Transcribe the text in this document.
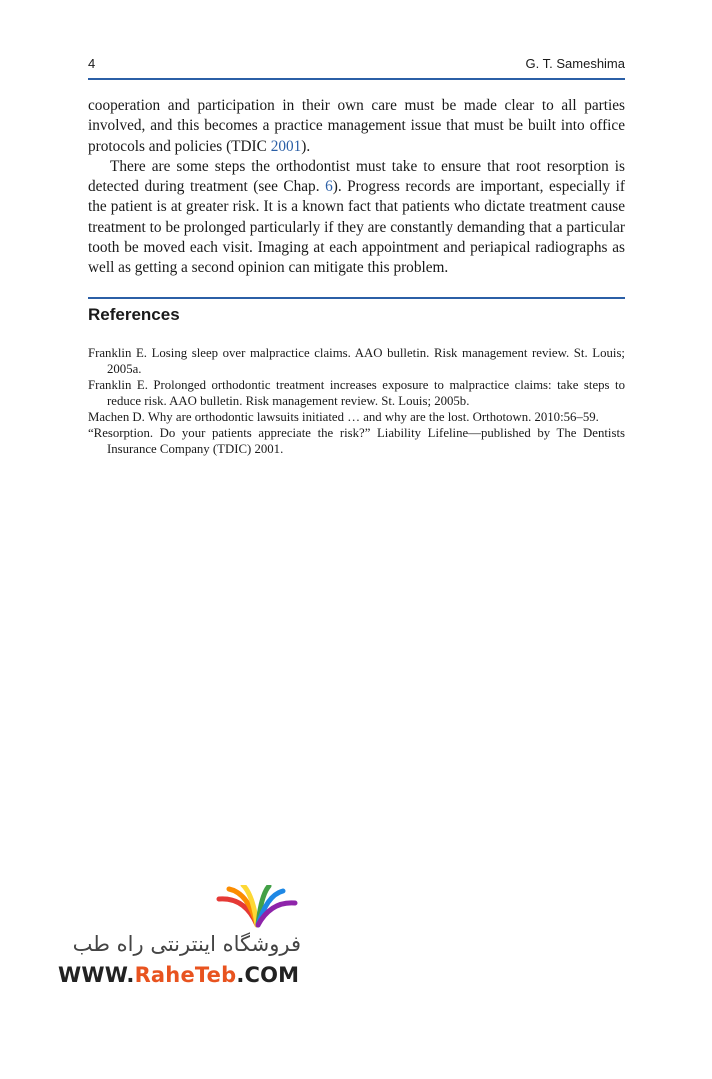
4	G. T. Sameshima

cooperation and participation in their own care must be made clear to all parties involved, and this becomes a practice management issue that must be built into office protocols and policies (TDIC 2001).

There are some steps the orthodontist must take to ensure that root resorption is detected during treatment (see Chap. 6). Progress records are important, especially if the patient is at greater risk. It is a known fact that patients who dictate treatment cause treatment to be prolonged particularly if they are constantly demanding that a particular tooth be moved each visit. Imaging at each appointment and periapical radiographs as well as getting a second opinion can mitigate this problem.

References
Franklin E. Losing sleep over malpractice claims. AAO bulletin. Risk management review. St. Louis; 2005a.
Franklin E. Prolonged orthodontic treatment increases exposure to malpractice claims: take steps to reduce risk. AAO bulletin. Risk management review. St. Louis; 2005b.
Machen D. Why are orthodontic lawsuits initiated … and why are the lost. Orthotown. 2010:56–59.
“Resorption. Do your patients appreciate the risk?” Liability Lifeline—published by The Dentists Insurance Company (TDIC) 2001.
فروشگاه اینترنتی راه طب
WWW.RaheTeb.COM
